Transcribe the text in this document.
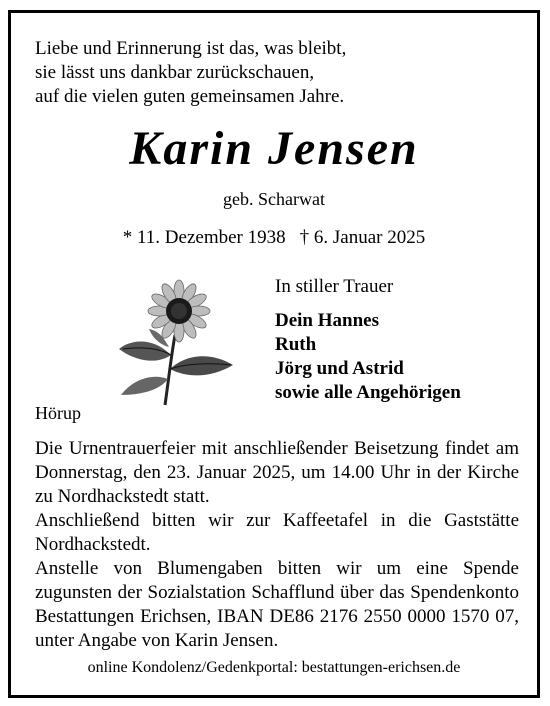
Liebe und Erinnerung ist das, was bleibt,
sie lässt uns dankbar zurückschauen,
auf die vielen guten gemeinsamen Jahre.
Karin Jensen
geb. Scharwat
* 11. Dezember 1938 † 6. Januar 2025
In stiller Trauer
Dein Hannes
Ruth
Jörg und Astrid
sowie alle Angehörigen
Hörup

Die Urnentrauerfeier mit anschließender Beisetzung findet am Donnerstag, den 23. Januar 2025, um 14.00 Uhr in der Kirche zu Nordhackstedt statt.

Anschließend bitten wir zur Kaffeetafel in die Gaststätte Nordhackstedt.

Anstelle von Blumengaben bitten wir um eine Spende zugunsten der Sozialstation Schafflund über das Spendenkonto Bestattungen Erichsen, IBAN DE86 2176 2550 0000 1570 07, unter Angabe von Karin Jensen.

online Kondolenz/Gedenkportal: bestattungen-erichsen.de
